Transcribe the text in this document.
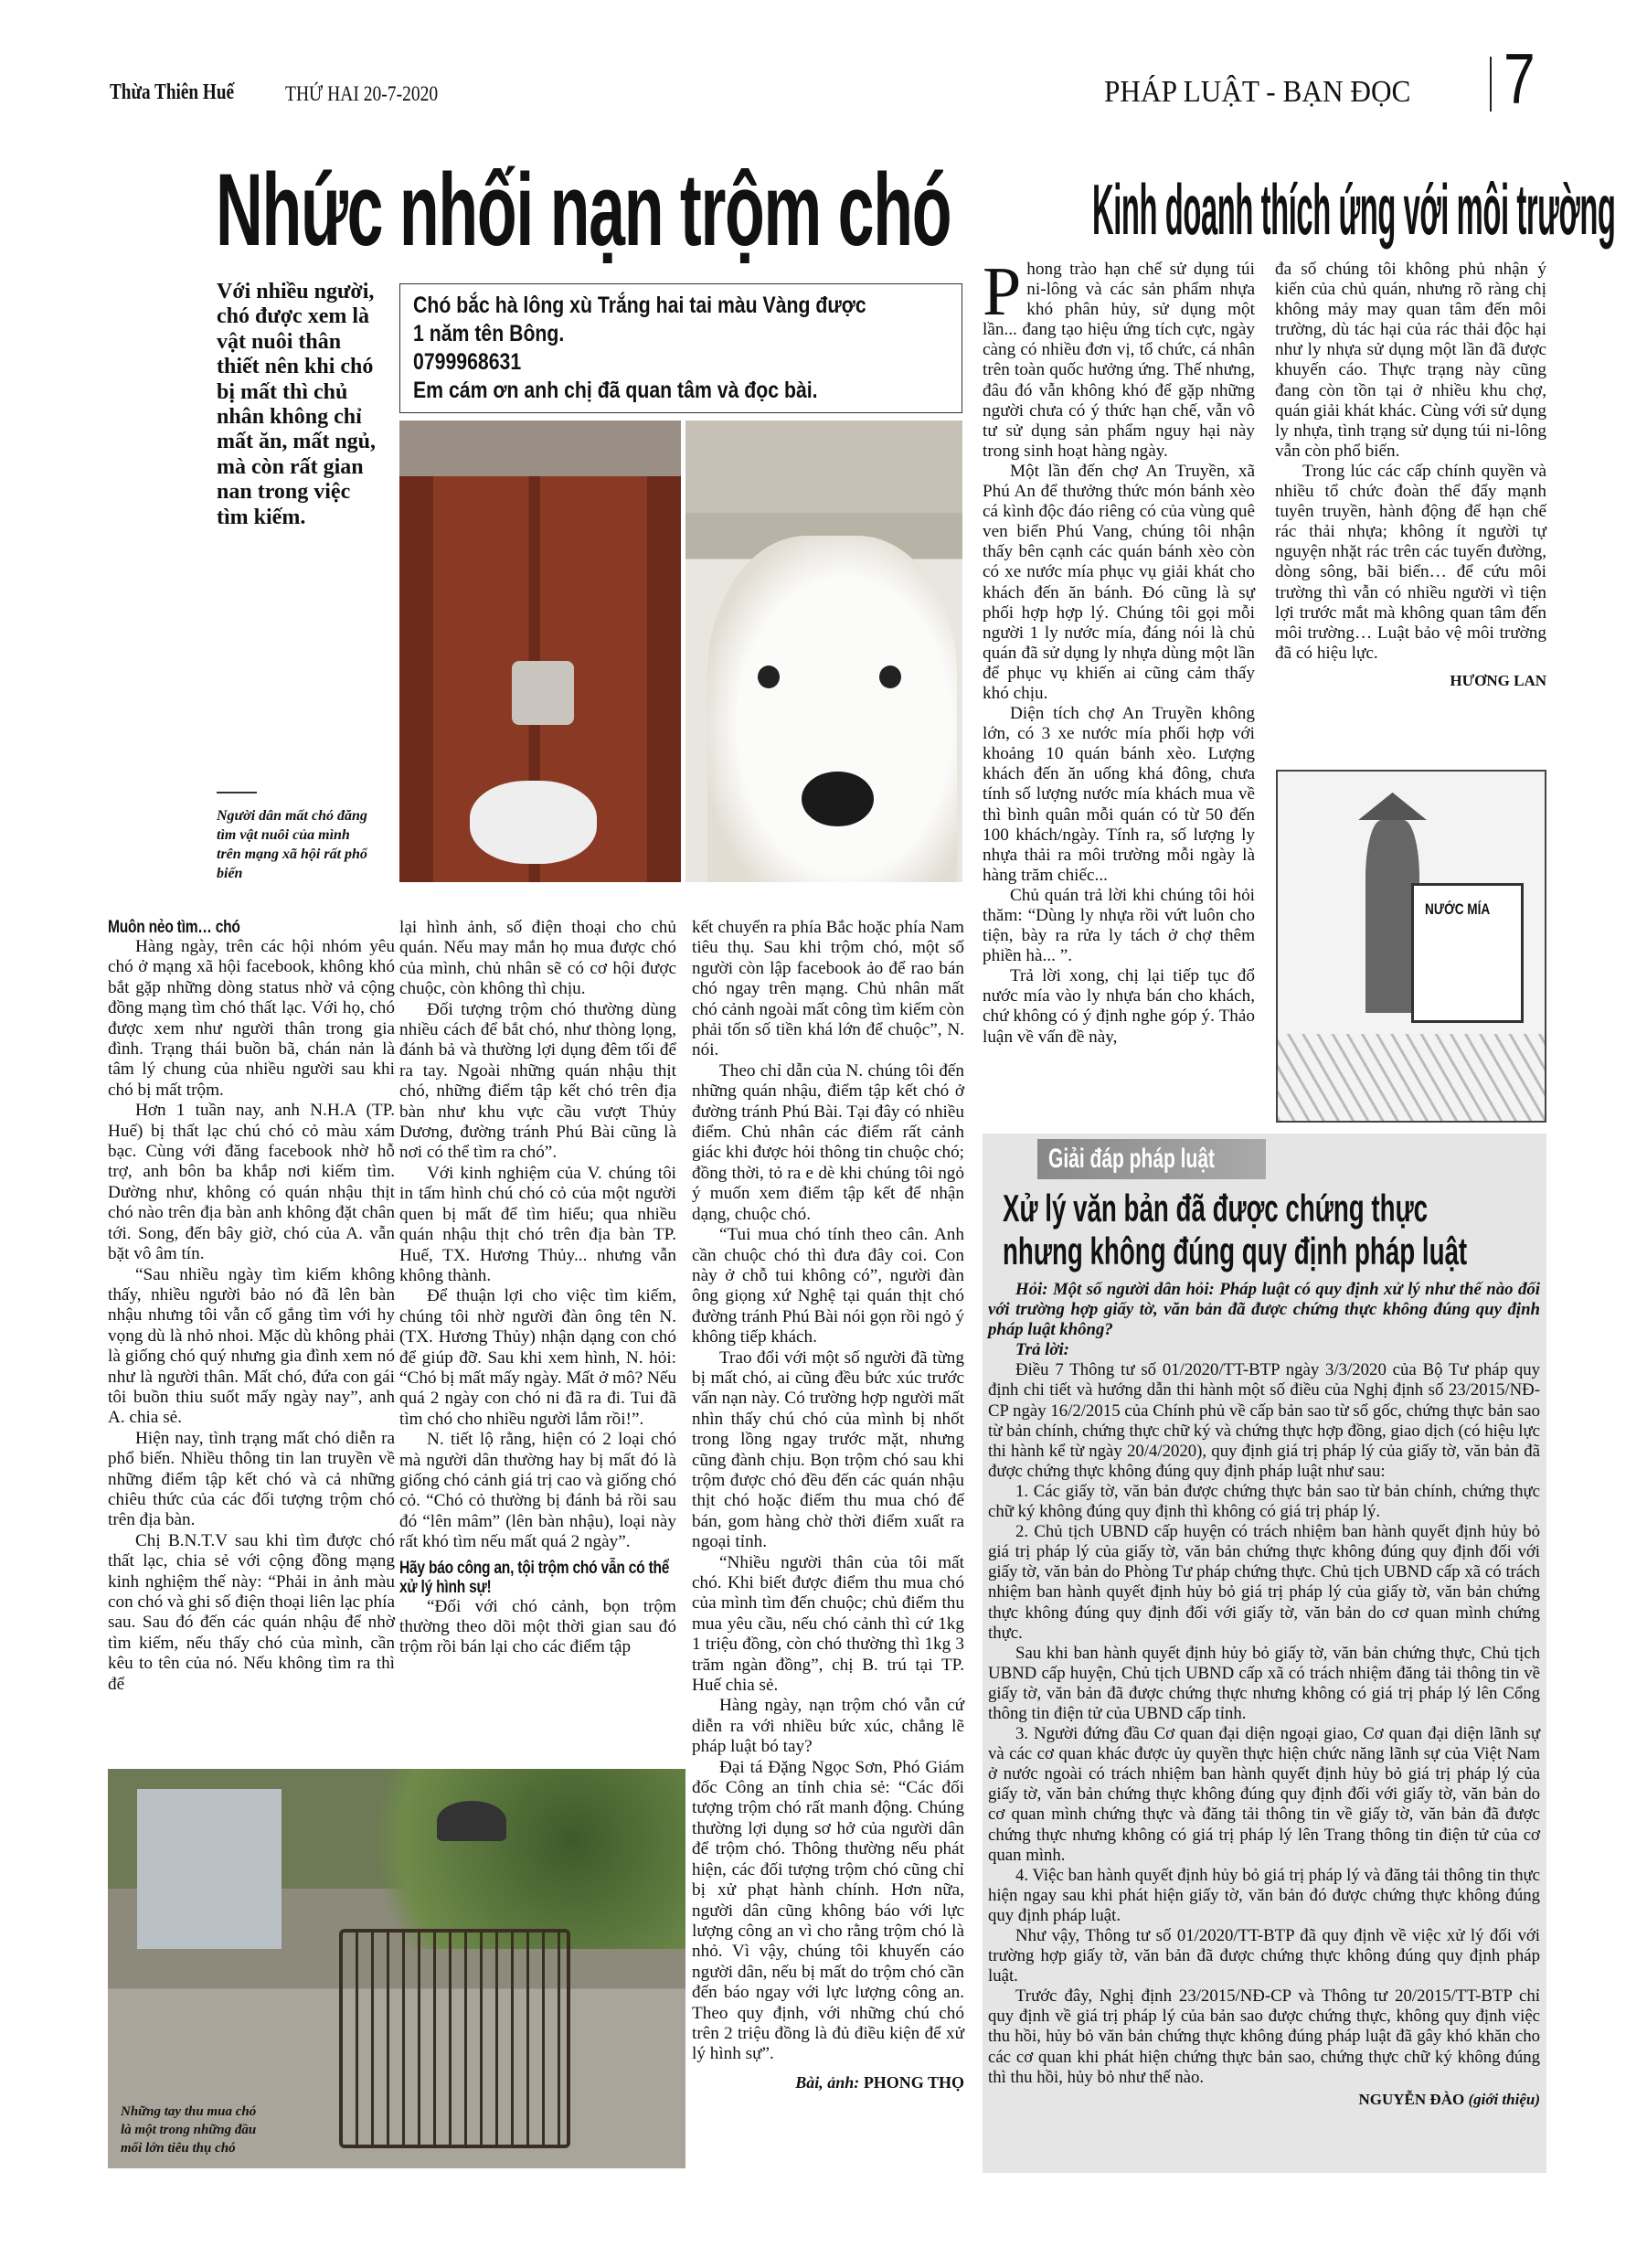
Thừa Thiên Huế THỨ HAI 20-7-2020	PHÁP LUẬT - BẠN ĐỌC 7
Nhức nhối nạn trộm chó
Với nhiều người, chó được xem là vật nuôi thân thiết nên khi chó bị mất thì chủ nhân không chỉ mất ăn, mất ngủ, mà còn rất gian nan trong việc tìm kiếm.
Chó bắc hà lông xù Trắng hai tai màu Vàng được
1 năm tên Bông.
0799968631
Em cám ơn anh chị đã quan tâm và đọc bài.
Người dân mất chó đăng tìm vật nuôi của mình trên mạng xã hội rất phổ biến
Muôn nẻo tìm… chó

Hàng ngày, trên các hội nhóm yêu chó ở mạng xã hội facebook, không khó bắt gặp những dòng status nhờ vả cộng đồng mạng tìm chó thất lạc. Với họ, chó được xem như người thân trong gia đình. Trạng thái buồn bã, chán nản là tâm lý chung của nhiều người sau khi chó bị mất trộm.

Hơn 1 tuần nay, anh N.H.A (TP. Huế) bị thất lạc chú chó cỏ màu xám bạc. Cùng với đăng facebook nhờ hỗ trợ, anh bôn ba khắp nơi kiếm tìm. Dường như, không có quán nhậu thịt chó nào trên địa bàn anh không đặt chân tới. Song, đến bây giờ, chó của A. vẫn bặt vô âm tín.

“Sau nhiều ngày tìm kiếm không thấy, nhiều người bảo nó đã lên bàn nhậu nhưng tôi vẫn cố gắng tìm với hy vọng dù là nhỏ nhoi. Mặc dù không phải là giống chó quý nhưng gia đình xem nó như là người thân. Mất chó, đứa con gái tôi buồn thiu suốt mấy ngày nay”, anh A. chia sẻ.

Hiện nay, tình trạng mất chó diễn ra phổ biến. Nhiều thông tin lan truyền về những điểm tập kết chó và cả những chiêu thức của các đối tượng trộm chó trên địa bàn.

Chị B.N.T.V sau khi tìm được chó thất lạc, chia sẻ với cộng đồng mạng kinh nghiệm thế này: “Phải in ảnh màu con chó và ghi số điện thoại liên lạc phía sau. Sau đó đến các quán nhậu để nhờ tìm kiếm, nếu thấy chó của mình, cần kêu to tên của nó. Nếu không tìm ra thì để

lại hình ảnh, số điện thoại cho chủ quán. Nếu may mắn họ mua được chó của mình, chủ nhân sẽ có cơ hội được chuộc, còn không thì chịu.

Đối tượng trộm chó thường dùng nhiều cách để bắt chó, như thòng lọng, đánh bả và thường lợi dụng đêm tối để ra tay. Ngoài những quán nhậu thịt chó, những điểm tập kết chó trên địa bàn như khu vực cầu vượt Thủy Dương, đường tránh Phú Bài cũng là nơi có thể tìm ra chó”.

Với kinh nghiệm của V. chúng tôi in tấm hình chú chó cỏ của một người quen bị mất để tìm hiểu; qua nhiều quán nhậu thịt chó trên địa bàn TP. Huế, TX. Hương Thủy... nhưng vẫn không thành.

Để thuận lợi cho việc tìm kiếm, chúng tôi nhờ người đàn ông tên N. (TX. Hương Thủy) nhận dạng con chó để giúp đỡ. Sau khi xem hình, N. hỏi: “Chó bị mất mấy ngày. Mất ở mô? Nếu quá 2 ngày con chó ni đã ra đi. Tui đã tìm chó cho nhiều người lắm rồi!”.

N. tiết lộ rằng, hiện có 2 loại chó mà người dân thường hay bị mất đó là giống chó cảnh giá trị cao và giống chó cỏ. “Chó cỏ thường bị đánh bả rồi sau đó “lên mâm” (lên bàn nhậu), loại này rất khó tìm nếu mất quá 2 ngày”.

Hãy báo công an, tội trộm chó vẫn có thể xử lý hình sự!

“Đối với chó cảnh, bọn trộm thường theo dõi một thời gian sau đó trộm rồi bán lại cho các điểm tập

kết chuyển ra phía Bắc hoặc phía Nam tiêu thụ. Sau khi trộm chó, một số người còn lập facebook ảo để rao bán chó ngay trên mạng. Chủ nhân mất chó cảnh ngoài mất công tìm kiếm còn phải tốn số tiền khá lớn để chuộc”, N. nói.

Theo chỉ dẫn của N. chúng tôi đến những quán nhậu, điểm tập kết chó ở đường tránh Phú Bài. Tại đây có nhiều điểm. Chủ nhân các điểm rất cảnh giác khi được hỏi thông tin chuộc chó; đồng thời, tỏ ra e dè khi chúng tôi ngỏ ý muốn xem điểm tập kết để nhận dạng, chuộc chó.

“Tui mua chó tính theo cân. Anh cần chuộc chó thì đưa đây coi. Con này ở chỗ tui không có”, người đàn ông giọng xứ Nghệ tại quán thịt chó đường tránh Phú Bài nói gọn rồi ngỏ ý không tiếp khách.

Trao đổi với một số người đã từng bị mất chó, ai cũng đều bức xúc trước vấn nạn này. Có trường hợp người mất nhìn thấy chú chó của mình bị nhốt trong lồng ngay trước mặt, nhưng cũng đành chịu. Bọn trộm chó sau khi trộm được chó đều đến các quán nhậu thịt chó hoặc điểm thu mua chó để bán, gom hàng chờ thời điểm xuất ra ngoại tỉnh.

“Nhiều người thân của tôi mất chó. Khi biết được điểm thu mua chó của mình tìm đến chuộc; chủ điểm thu mua yêu cầu, nếu chó cảnh thì cứ 1kg 1 triệu đồng, còn chó thường thì 1kg 3 trăm ngàn đồng”, chị B. trú tại TP. Huế chia sẻ.

Hàng ngày, nạn trộm chó vẫn cứ diễn ra với nhiều bức xúc, chẳng lẽ pháp luật bó tay?

Đại tá Đặng Ngọc Sơn, Phó Giám đốc Công an tỉnh chia sẻ: “Các đối tượng trộm chó rất manh động. Chúng thường lợi dụng sơ hở của người dân để trộm chó. Thông thường nếu phát hiện, các đối tượng trộm chó cũng chỉ bị xử phạt hành chính. Hơn nữa, người dân cũng không báo với lực lượng công an vì cho rằng trộm chó là nhỏ. Vì vậy, chúng tôi khuyến cáo người dân, nếu bị mất do trộm chó cần đến báo ngay với lực lượng công an. Theo quy định, với những chú chó trên 2 triệu đồng là đủ điều kiện để xử lý hình sự”.

Bài, ảnh: PHONG THỌ
Những tay thu mua chó là một trong những đầu mối lớn tiêu thụ chó
Kinh doanh thích ứng với môi trường
P hong trào hạn chế sử dụng túi ni-lông và các sản phẩm nhựa khó phân hủy, sử dụng một lần... đang tạo hiệu ứng tích cực, ngày càng có nhiều đơn vị, tổ chức, cá nhân trên toàn quốc hưởng ứng. Thế nhưng, đâu đó vẫn không khó để gặp những người chưa có ý thức hạn chế, vẫn vô tư sử dụng sản phẩm nguy hại này trong sinh hoạt hàng ngày.

Một lần đến chợ An Truyền, xã Phú An để thưởng thức món bánh xèo cá kình độc đáo riêng có của vùng quê ven biển Phú Vang, chúng tôi nhận thấy bên cạnh các quán bánh xèo còn có xe nước mía phục vụ giải khát cho khách đến ăn bánh. Đó cũng là sự phối hợp hợp lý. Chúng tôi gọi mỗi người 1 ly nước mía, đáng nói là chủ quán đã sử dụng ly nhựa dùng một lần để phục vụ khiến ai cũng cảm thấy khó chịu.

Diện tích chợ An Truyền không lớn, có 3 xe nước mía phối hợp với khoảng 10 quán bánh xèo. Lượng khách đến ăn uống khá đông, chưa tính số lượng nước mía khách mua về thì bình quân mỗi quán có từ 50 đến 100 khách/ngày. Tính ra, số lượng ly nhựa thải ra môi trường mỗi ngày là hàng trăm chiếc...

Chủ quán trả lời khi chúng tôi hỏi thăm: “Dùng ly nhựa rồi vứt luôn cho tiện, bày ra rửa ly tách ở chợ thêm phiền hà... ”.

Trả lời xong, chị lại tiếp tục đổ nước mía vào ly nhựa bán cho khách, chứ không có ý định nghe góp ý. Thảo luận về vấn đề này,

đa số chúng tôi không phủ nhận ý kiến của chủ quán, nhưng rõ ràng chị không mảy may quan tâm đến môi trường, dù tác hại của rác thải độc hại như ly nhựa sử dụng một lần đã được khuyến cáo. Thực trạng này cũng đang còn tồn tại ở nhiều khu chợ, quán giải khát khác. Cùng với sử dụng ly nhựa, tình trạng sử dụng túi ni-lông vẫn còn phổ biến.

Trong lúc các cấp chính quyền và nhiều tổ chức đoàn thể đẩy mạnh tuyên truyền, hành động để hạn chế rác thải nhựa; không ít người tự nguyện nhặt rác trên các tuyến đường, dòng sông, bãi biển… để cứu môi trường thì vẫn có nhiều người vì tiện lợi trước mắt mà không quan tâm đến môi trường… Luật bảo vệ môi trường đã có hiệu lực.

HƯƠNG LAN
NƯỚC MÍA
Giải đáp pháp luật
Xử lý văn bản đã được chứng thực
nhưng không đúng quy định pháp luật

Hỏi: Một số người dân hỏi: Pháp luật có quy định xử lý như thế nào đối với trường hợp giấy tờ, văn bản đã được chứng thực không đúng quy định pháp luật không?

Trả lời:

Điều 7 Thông tư số 01/2020/TT-BTP ngày 3/3/2020 của Bộ Tư pháp quy định chi tiết và hướng dẫn thi hành một số điều của Nghị định số 23/2015/NĐ-CP ngày 16/2/2015 của Chính phủ về cấp bản sao từ sổ gốc, chứng thực bản sao từ bản chính, chứng thực chữ ký và chứng thực hợp đồng, giao dịch (có hiệu lực thi hành kể từ ngày 20/4/2020), quy định giá trị pháp lý của giấy tờ, văn bản đã được chứng thực không đúng quy định pháp luật như sau:

1. Các giấy tờ, văn bản được chứng thực bản sao từ bản chính, chứng thực chữ ký không đúng quy định thì không có giá trị pháp lý.

2. Chủ tịch UBND cấp huyện có trách nhiệm ban hành quyết định hủy bỏ giá trị pháp lý của giấy tờ, văn bản chứng thực không đúng quy định đối với giấy tờ, văn bản do Phòng Tư pháp chứng thực. Chủ tịch UBND cấp xã có trách nhiệm ban hành quyết định hủy bỏ giá trị pháp lý của giấy tờ, văn bản chứng thực không đúng quy định đối với giấy tờ, văn bản do cơ quan mình chứng thực.

Sau khi ban hành quyết định hủy bỏ giấy tờ, văn bản chứng thực, Chủ tịch UBND cấp huyện, Chủ tịch UBND cấp xã có trách nhiệm đăng tải thông tin về giấy tờ, văn bản đã được chứng thực nhưng không có giá trị pháp lý lên Cổng thông tin điện tử của UBND cấp tỉnh.

3. Người đứng đầu Cơ quan đại diện ngoại giao, Cơ quan đại diện lãnh sự và các cơ quan khác được ủy quyền thực hiện chức năng lãnh sự của Việt Nam ở nước ngoài có trách nhiệm ban hành quyết định hủy bỏ giá trị pháp lý của giấy tờ, văn bản chứng thực không đúng quy định đối với giấy tờ, văn bản do cơ quan mình chứng thực và đăng tải thông tin về giấy tờ, văn bản đã được chứng thực nhưng không có giá trị pháp lý lên Trang thông tin điện tử của cơ quan mình.

4. Việc ban hành quyết định hủy bỏ giá trị pháp lý và đăng tải thông tin thực hiện ngay sau khi phát hiện giấy tờ, văn bản đó được chứng thực không đúng quy định pháp luật.

Như vậy, Thông tư số 01/2020/TT-BTP đã quy định về việc xử lý đối với trường hợp giấy tờ, văn bản đã được chứng thực không đúng quy định pháp luật.

Trước đây, Nghị định 23/2015/NĐ-CP và Thông tư 20/2015/TT-BTP chỉ quy định về giá trị pháp lý của bản sao được chứng thực, không quy định việc thu hồi, hủy bỏ văn bản chứng thực không đúng pháp luật đã gây khó khăn cho các cơ quan khi phát hiện chứng thực bản sao, chứng thực chữ ký không đúng thì thu hồi, hủy bỏ như thế nào.

NGUYỄN ĐÀO (giới thiệu)
